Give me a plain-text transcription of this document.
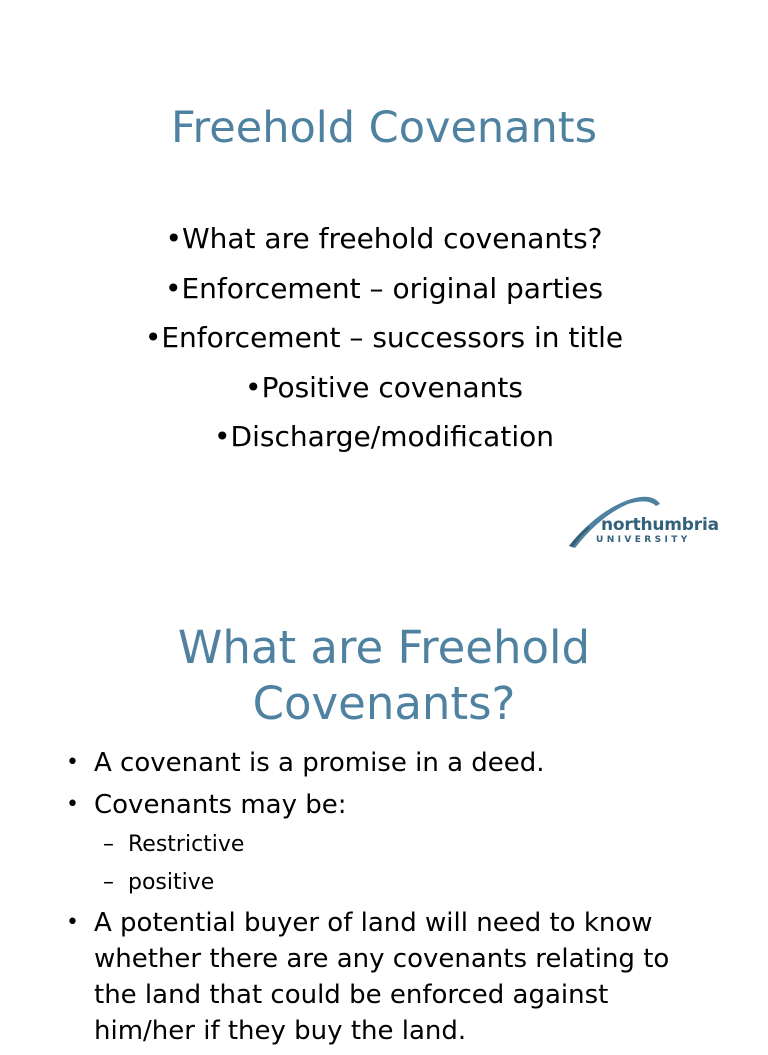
Freehold Covenants
•What are freehold covenants?
•Enforcement – original parties
•Enforcement – successors in title
•Positive covenants
•Discharge/modification
northumbria
UNIVERSITY
What are Freehold
Covenants?
• A covenant is a promise in a deed.
• Covenants may be:
– Restrictive
– positive
• A potential buyer of land will need to know whether there are any covenants relating to the land that could be enforced against him/her if they buy the land.
